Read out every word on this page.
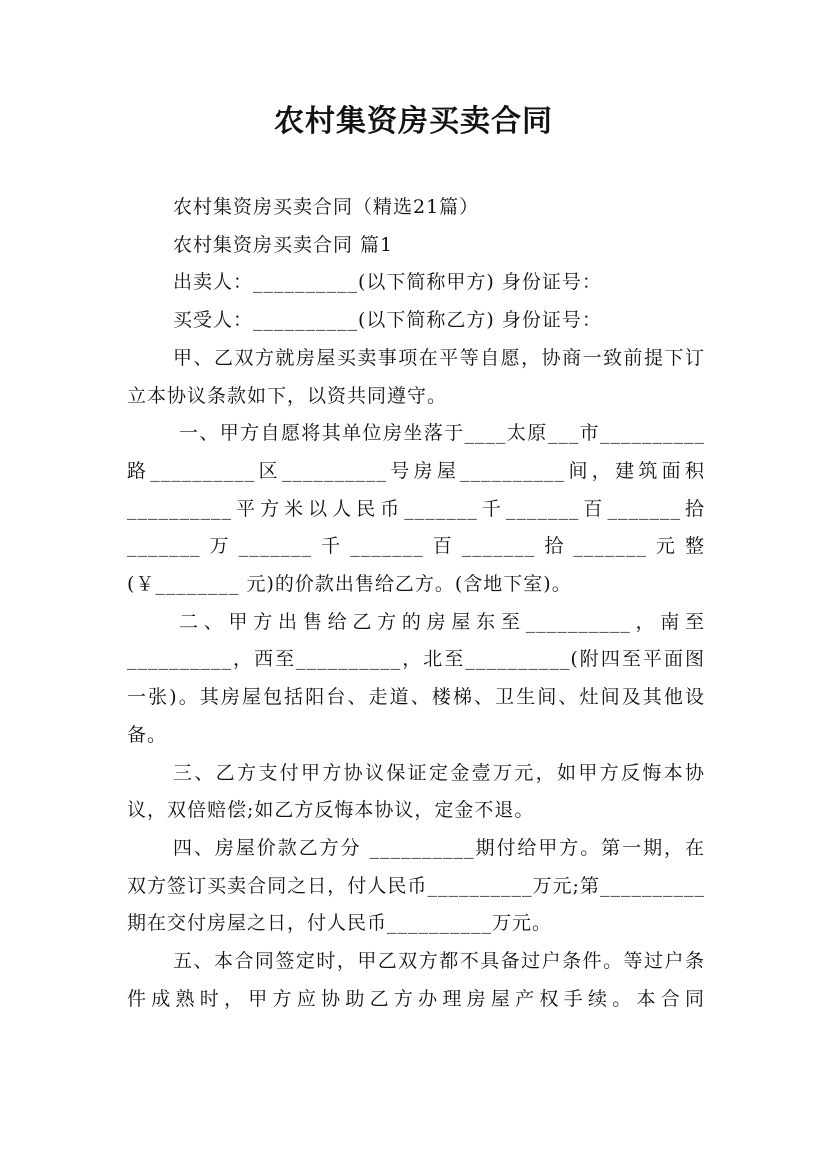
农村集资房买卖合同

农村集资房买卖合同（精选21篇）

农村集资房买卖合同 篇1

出卖人：__________(以下简称甲方) 身份证号：

买受人：__________(以下简称乙方) 身份证号：

甲、乙双方就房屋买卖事项在平等自愿，协商一致前提下订立本协议条款如下，以资共同遵守。

一、甲方自愿将其单位房坐落于____太原___市__________路__________区__________号房屋__________间，建筑面积__________平方米以人民币_______千_______百_______拾_______万_______千_______百_______拾_______元整(￥________ 元)的价款出售给乙方。(含地下室)。

二、甲方出售给乙方的房屋东至__________，南至__________，西至__________，北至__________(附四至平面图一张)。其房屋包括阳台、走道、楼梯、卫生间、灶间及其他设备。

三、乙方支付甲方协议保证定金壹万元，如甲方反悔本协议，双倍赔偿;如乙方反悔本协议，定金不退。

四、房屋价款乙方分 __________期付给甲方。第一期，在双方签订买卖合同之日，付人民币__________万元;第__________期在交付房屋之日，付人民币__________万元。

五、本合同签定时，甲乙双方都不具备过户条件。等过户条件成熟时，甲方应协助乙方办理房屋产权手续。本合同
